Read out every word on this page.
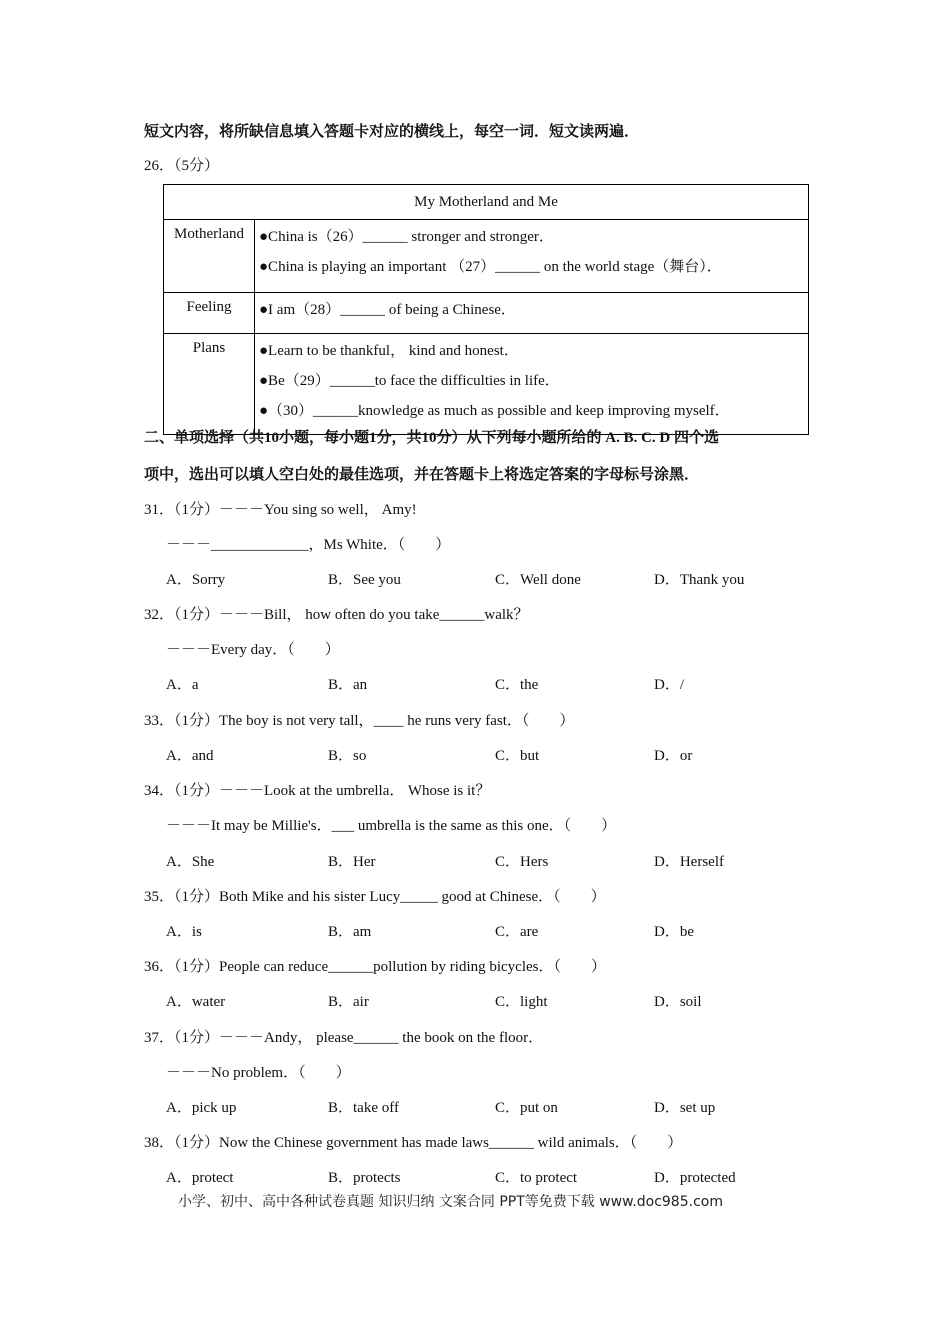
短文内容，将所缺信息填入答题卡对应的横线上，每空一词．短文读两遍．
26．（5分）
My Motherland and Me	
Motherland	●China is（26）______ stronger and stronger．
●China is playing an important （27）______ on the world stage（舞台）．

Feeling	●I am（28）______ of being a Chinese．

Plans	●Learn to be thankful， kind and honest．
●Be（29）______to face the difficulties in life．
●（30）______knowledge as much as possible and keep improving myself．
二、单项选择（共10小题，每小题1分，共10分）从下列每小题所给的 A. B. C. D 四个选
项中，选出可以填人空白处的最佳选项，并在答题卡上将选定答案的字母标号涂黑．
31．（1分）－－－You sing so well， Amy!
－－－_____________，Ms White．（　　）
A．Sorry	B．See you	C．Well done	D．Thank you
32．（1分）－－－Bill， how often do you take______walk？
－－－Every day．（　　）
A．a	B．an	C．the	D．/
33．（1分）The boy is not very tall，____ he runs very fast．（　　）
A．and	B．so	C．but	D．or
34．（1分）－－－Look at the umbrella． Whose is it？
－－－It may be Millie's．___ umbrella is the same as this one．（　　）
A．She	B．Her	C．Hers	D．Herself
35．（1分）Both Mike and his sister Lucy_____ good at Chinese．（　　）
A．is	B．am	C．are	D．be
36．（1分）People can reduce______pollution by riding bicycles．（　　）
A．water	B．air	C．light	D．soil
37．（1分）－－－Andy， please______ the book on the floor．
－－－No problem．（　　）
A．pick up	B．take off	C．put on	D．set up
38．（1分）Now the Chinese government has made laws______ wild animals．（　　）
A．protect	B．protects	C．to protect	D．protected
小学、初中、高中各种试卷真题 知识归纳 文案合同 PPT等免费下载 www.doc985.com
